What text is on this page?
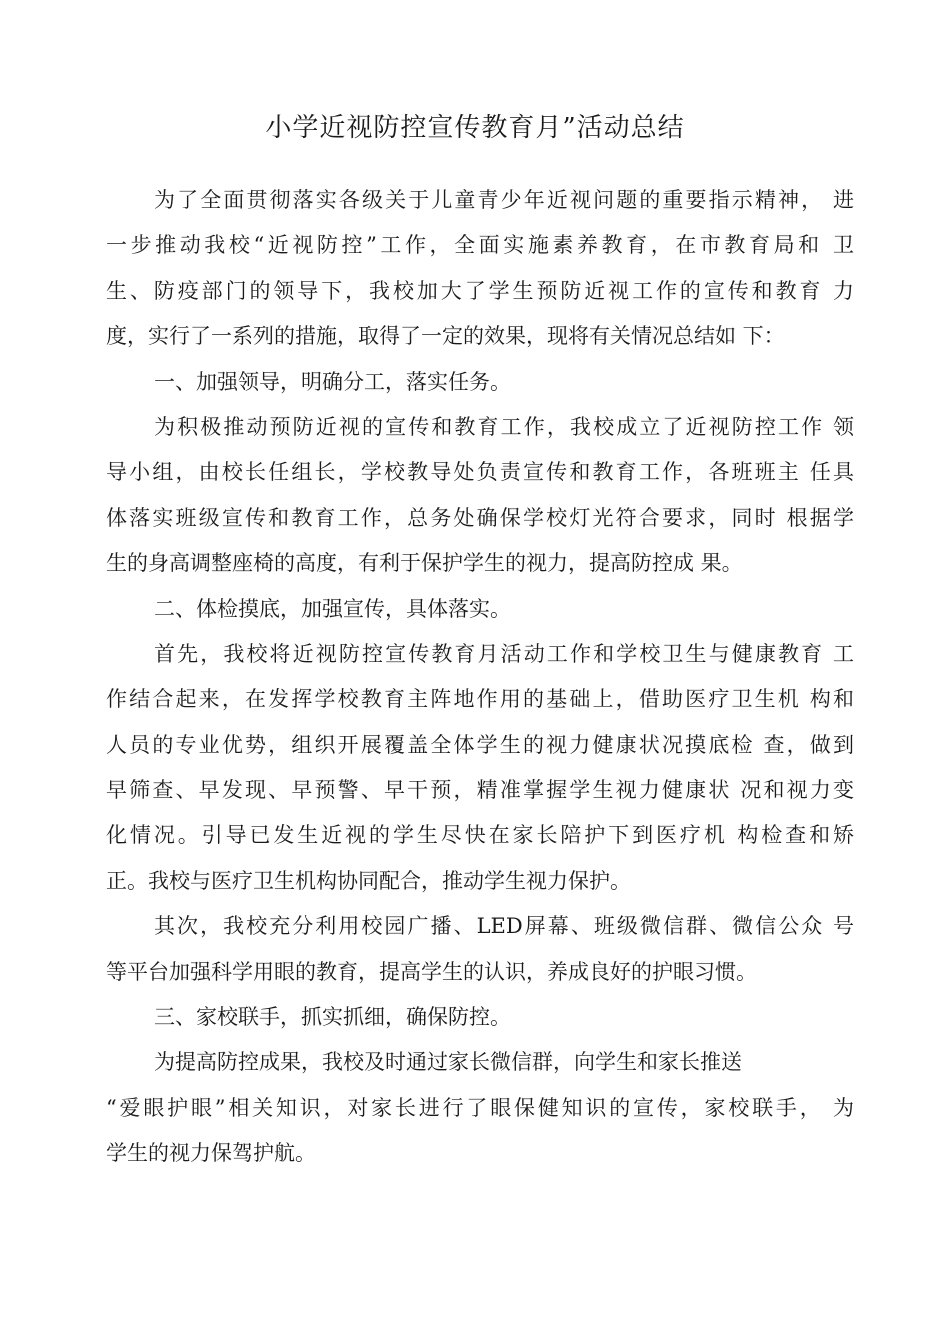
小学近视防控宣传教育月”活动总结
为了全面贯彻落实各级关于儿童青少年近视问题的重要指示精神， 进
一步推动我校“近视防控”工作，全面实施素养教育，在市教育局和 卫
生、防疫部门的领导下，我校加大了学生预防近视工作的宣传和教育 力
度，实行了一系列的措施，取得了一定的效果，现将有关情况总结如 下：
一、加强领导，明确分工，落实任务。
为积极推动预防近视的宣传和教育工作，我校成立了近视防控工作 领
导小组，由校长任组长，学校教导处负责宣传和教育工作，各班班主 任具
体落实班级宣传和教育工作，总务处确保学校灯光符合要求，同时 根据学
生的身高调整座椅的高度，有利于保护学生的视力，提高防控成 果。
二、体检摸底，加强宣传，具体落实。
首先，我校将近视防控宣传教育月活动工作和学校卫生与健康教育 工
作结合起来，在发挥学校教育主阵地作用的基础上，借助医疗卫生机 构和
人员的专业优势，组织开展覆盖全体学生的视力健康状况摸底检 查，做到
早筛查、早发现、早预警、早干预，精准掌握学生视力健康状 况和视力变
化情况。引导已发生近视的学生尽快在家长陪护下到医疗机 构检查和矫
正。我校与医疗卫生机构协同配合，推动学生视力保护。
其次，我校充分利用校园广播、LED屏幕、班级微信群、微信公众 号
等平台加强科学用眼的教育，提高学生的认识，养成良好的护眼习惯。
三、家校联手，抓实抓细，确保防控。
为提高防控成果，我校及时通过家长微信群，向学生和家长推送
“爱眼护眼”相关知识，对家长进行了眼保健知识的宣传，家校联手， 为
学生的视力保驾护航。
